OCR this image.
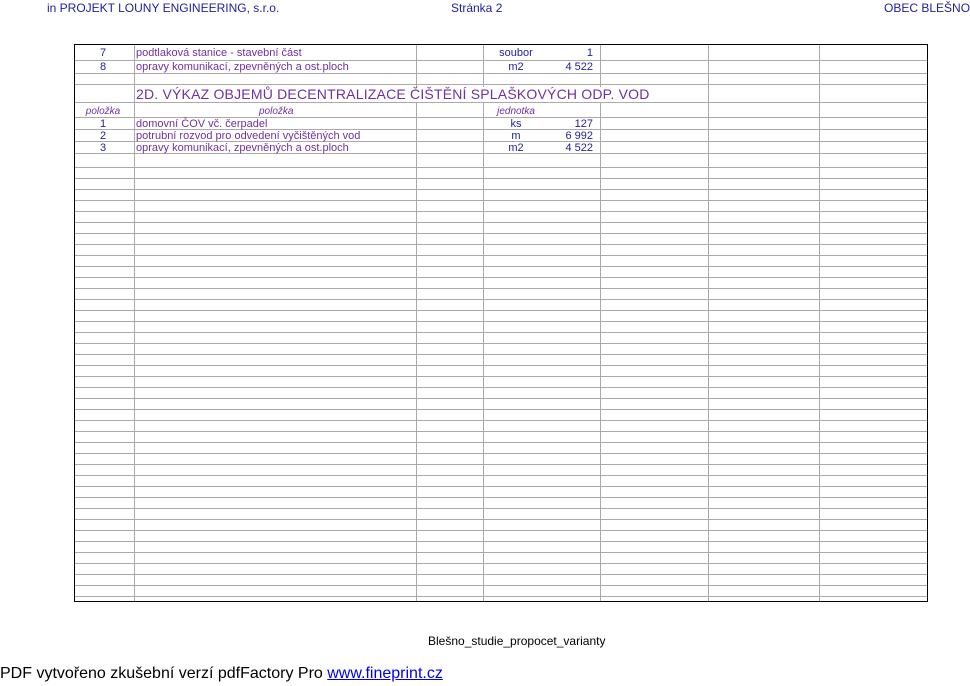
in PROJEKT LOUNY ENGINEERING, s.r.o.	Stránka 2	OBEC BLEŠNO
7	podtlaková stanice - stavební část	soubor	1
8	opravy komunikací, zpevněných a ost.ploch	m2	4 522
2D. VÝKAZ OBJEMŮ DECENTRALIZACE ČIŠTĚNÍ SPLAŠKOVÝCH ODP. VOD
položka	položka	jednotka
1	domovní ČOV vč. čerpadel	ks	127
2	potrubní rozvod pro odvedení vyčištěných vod	m	6 992
3	opravy komunikací, zpevněných a ost.ploch	m2	4 522
Blešno_studie_propocet_varianty
PDF vytvořeno zkušební verzí pdfFactory Pro www.fineprint.cz
